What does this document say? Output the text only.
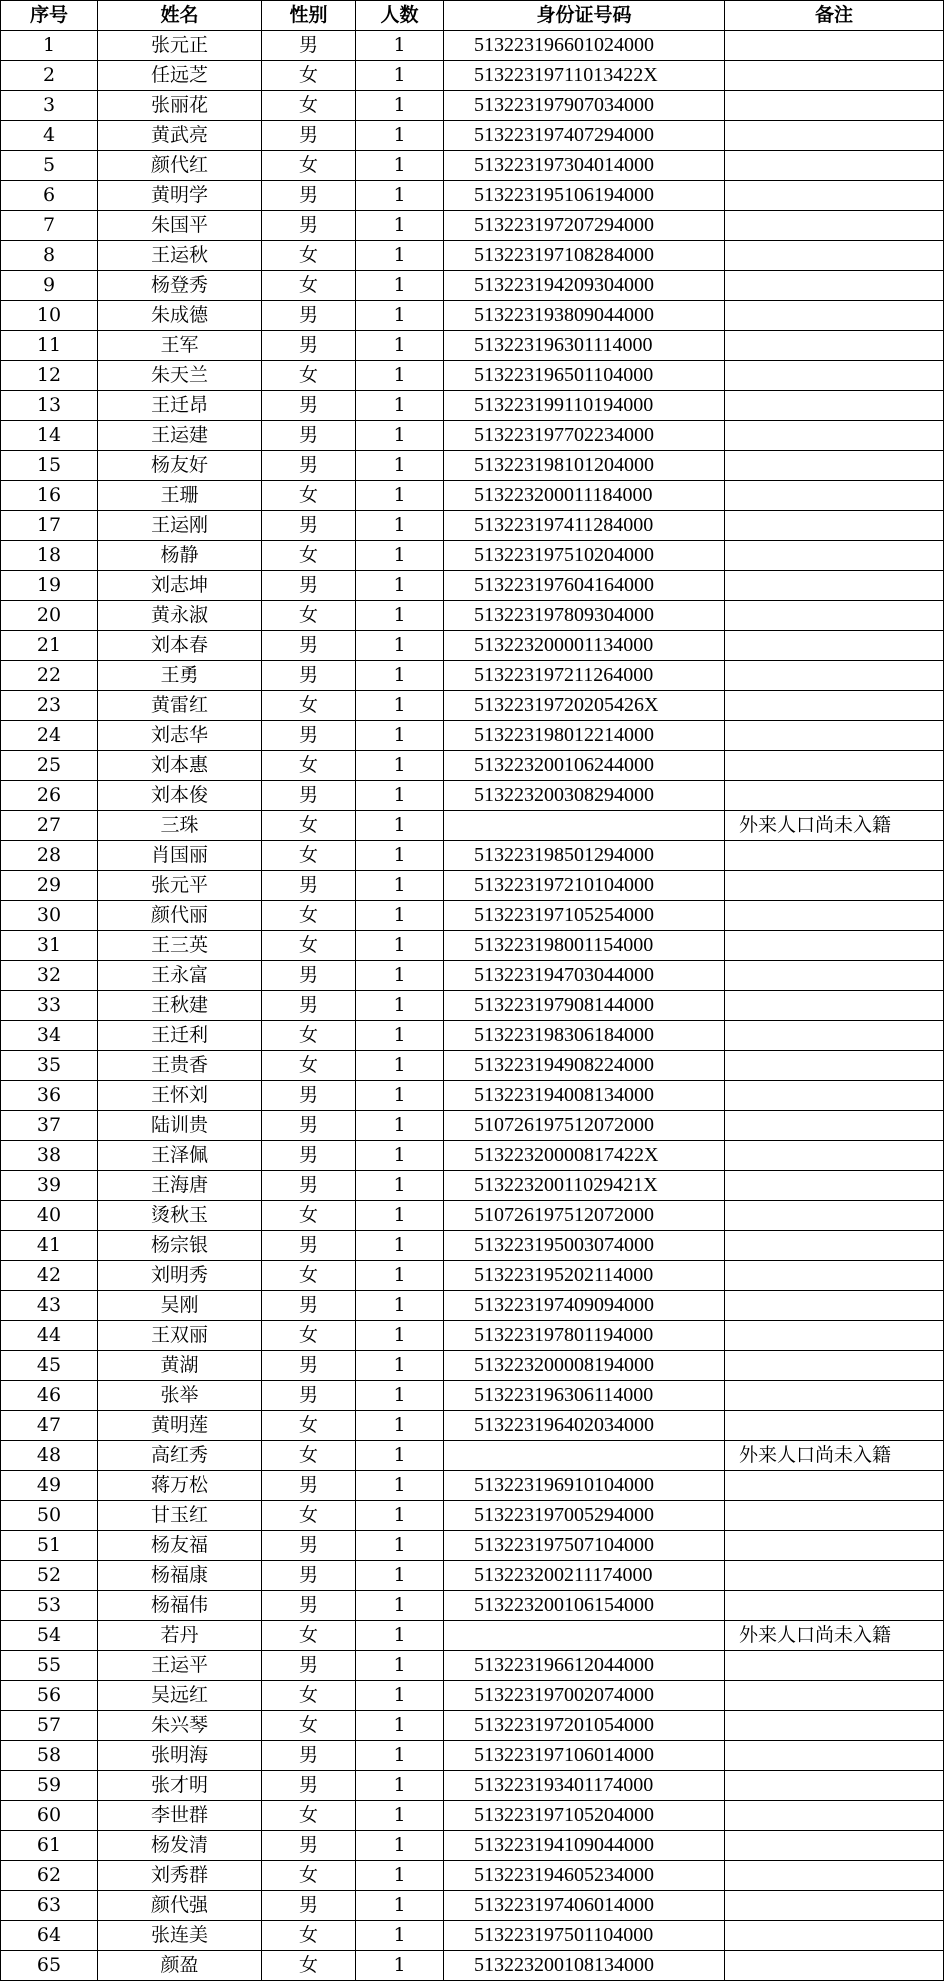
序号	姓名	性别	人数	身份证号码	备注
1	张元正	男	1	513223196601024000	
2	任远芝	女	1	51322319711013422X	
3	张丽花	女	1	513223197907034000	
4	黄武亮	男	1	513223197407294000	
5	颜代红	女	1	513223197304014000	
6	黄明学	男	1	513223195106194000	
7	朱国平	男	1	513223197207294000	
8	王运秋	女	1	513223197108284000	
9	杨登秀	女	1	513223194209304000	
10	朱成德	男	1	513223193809044000	
11	王军	男	1	513223196301114000	
12	朱天兰	女	1	513223196501104000	
13	王迁昂	男	1	513223199110194000	
14	王运建	男	1	513223197702234000	
15	杨友好	男	1	513223198101204000	
16	王珊	女	1	513223200011184000	
17	王运刚	男	1	513223197411284000	
18	杨静	女	1	513223197510204000	
19	刘志坤	男	1	513223197604164000	
20	黄永淑	女	1	513223197809304000	
21	刘本春	男	1	513223200001134000	
22	王勇	男	1	513223197211264000	
23	黄雷红	女	1	51322319720205426X	
24	刘志华	男	1	513223198012214000	
25	刘本惠	女	1	513223200106244000	
26	刘本俊	男	1	513223200308294000	
27	三珠	女	1		外来人口尚未入籍
28	肖国丽	女	1	513223198501294000	
29	张元平	男	1	513223197210104000	
30	颜代丽	女	1	513223197105254000	
31	王三英	女	1	513223198001154000	
32	王永富	男	1	513223194703044000	
33	王秋建	男	1	513223197908144000	
34	王迁利	女	1	513223198306184000	
35	王贵香	女	1	513223194908224000	
36	王怀刘	男	1	513223194008134000	
37	陆训贵	男	1	510726197512072000	
38	王泽佩	男	1	51322320000817422X	
39	王海唐	男	1	51322320011029421X	
40	烫秋玉	女	1	510726197512072000	
41	杨宗银	男	1	513223195003074000	
42	刘明秀	女	1	513223195202114000	
43	吴刚	男	1	513223197409094000	
44	王双丽	女	1	513223197801194000	
45	黄湖	男	1	513223200008194000	
46	张举	男	1	513223196306114000	
47	黄明莲	女	1	513223196402034000	
48	高红秀	女	1		外来人口尚未入籍
49	蒋万松	男	1	513223196910104000	
50	甘玉红	女	1	513223197005294000	
51	杨友福	男	1	513223197507104000	
52	杨福康	男	1	513223200211174000	
53	杨福伟	男	1	513223200106154000	
54	若丹	女	1		外来人口尚未入籍
55	王运平	男	1	513223196612044000	
56	吴远红	女	1	513223197002074000	
57	朱兴琴	女	1	513223197201054000	
58	张明海	男	1	513223197106014000	
59	张才明	男	1	513223193401174000	
60	李世群	女	1	513223197105204000	
61	杨发清	男	1	513223194109044000	
62	刘秀群	女	1	513223194605234000	
63	颜代强	男	1	513223197406014000	
64	张连美	女	1	513223197501104000	
65	颜盈	女	1	513223200108134000	
